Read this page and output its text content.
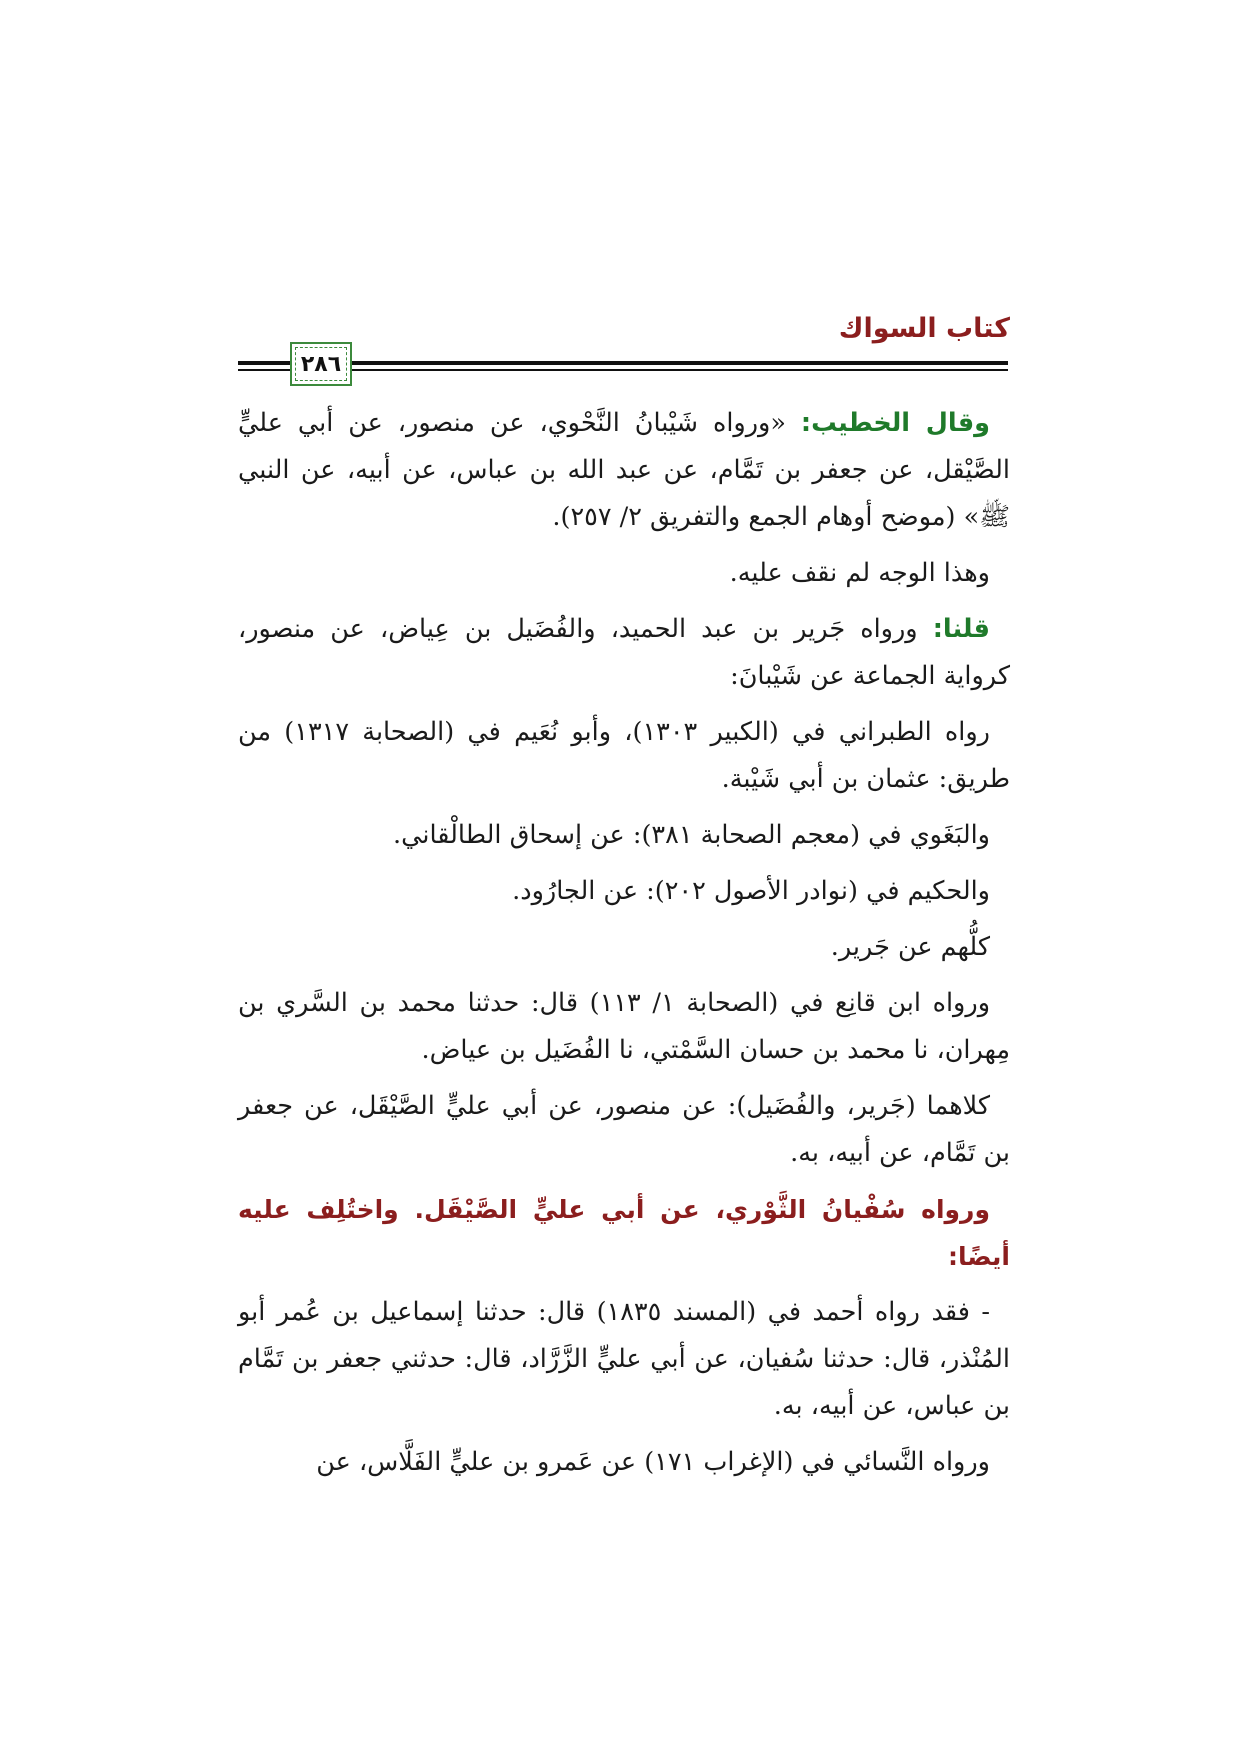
كتاب السواك
٢٨٦

وقال الخطيب: «ورواه شَيْبانُ النَّحْوي، عن منصور، عن أبي عليٍّ الصَّيْقل، عن جعفر بن تَمَّام، عن عبد الله بن عباس، عن أبيه، عن النبي ﷺ» (موضح أوهام الجمع والتفريق ٢/ ٢٥٧).

وهذا الوجه لم نقف عليه.

قلنا: ورواه جَرير بن عبد الحميد، والفُضَيل بن عِياض، عن منصور، كرواية الجماعة عن شَيْبانَ:

رواه الطبراني في (الكبير ١٣٠٣)، وأبو نُعَيم في (الصحابة ١٣١٧) من طريق: عثمان بن أبي شَيْبة.

والبَغَوي في (معجم الصحابة ٣٨١): عن إسحاق الطالْقاني.

والحكيم في (نوادر الأصول ٢٠٢): عن الجارُود.

كلُّهم عن جَرير.

ورواه ابن قانِع في (الصحابة ١/ ١١٣) قال: حدثنا محمد بن السَّري بن مِهران، نا محمد بن حسان السَّمْتي، نا الفُضَيل بن عياض.

كلاهما (جَرير، والفُضَيل): عن منصور، عن أبي عليٍّ الصَّيْقَل، عن جعفر بن تَمَّام، عن أبيه، به.

ورواه سُفْيانُ الثَّوْري، عن أبي عليٍّ الصَّيْقَل. واختُلِف عليه أيضًا:

- فقد رواه أحمد في (المسند ١٨٣٥) قال: حدثنا إسماعيل بن عُمر أبو المُنْذر، قال: حدثنا سُفيان، عن أبي عليٍّ الزَّرَّاد، قال: حدثني جعفر بن تَمَّام بن عباس، عن أبيه، به.

ورواه النَّسائي في (الإغراب ١٧١) عن عَمرو بن عليٍّ الفَلَّاس، عن
